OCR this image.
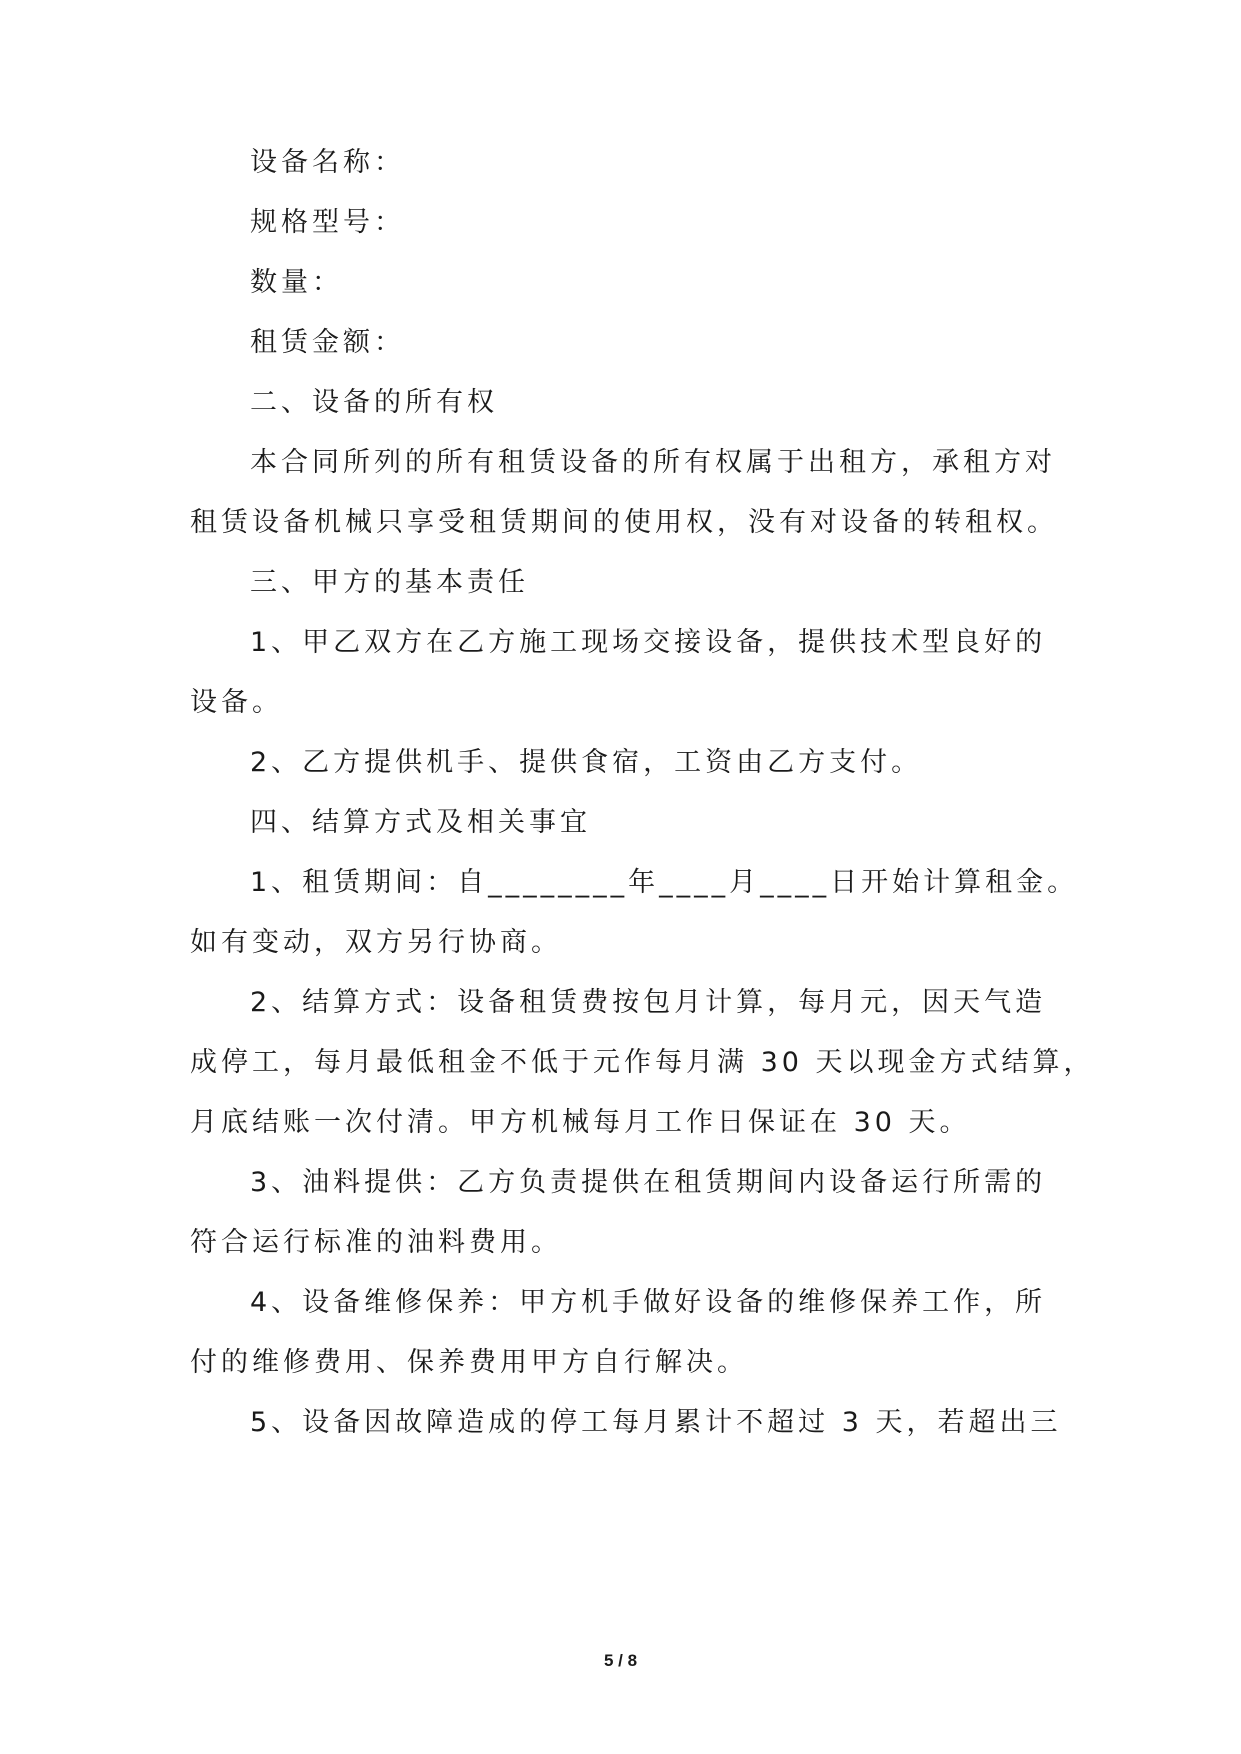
设备名称：

规格型号：

数量：

租赁金额：

二、设备的所有权

本合同所列的所有租赁设备的所有权属于出租方，承租方对

租赁设备机械只享受租赁期间的使用权，没有对设备的转租权。

三、甲方的基本责任

1、甲乙双方在乙方施工现场交接设备，提供技术型良好的

设备。

2、乙方提供机手、提供食宿，工资由乙方支付。

四、结算方式及相关事宜

1、租赁期间：自________年____月____日开始计算租金。

如有变动，双方另行协商。

2、结算方式：设备租赁费按包月计算，每月元，因天气造

成停工，每月最低租金不低于元作每月满 30 天以现金方式结算，

月底结账一次付清。甲方机械每月工作日保证在 30 天。

3、油料提供：乙方负责提供在租赁期间内设备运行所需的

符合运行标准的油料费用。

4、设备维修保养：甲方机手做好设备的维修保养工作，所

付的维修费用、保养费用甲方自行解决。

5、设备因故障造成的停工每月累计不超过 3 天，若超出三

5 / 8
